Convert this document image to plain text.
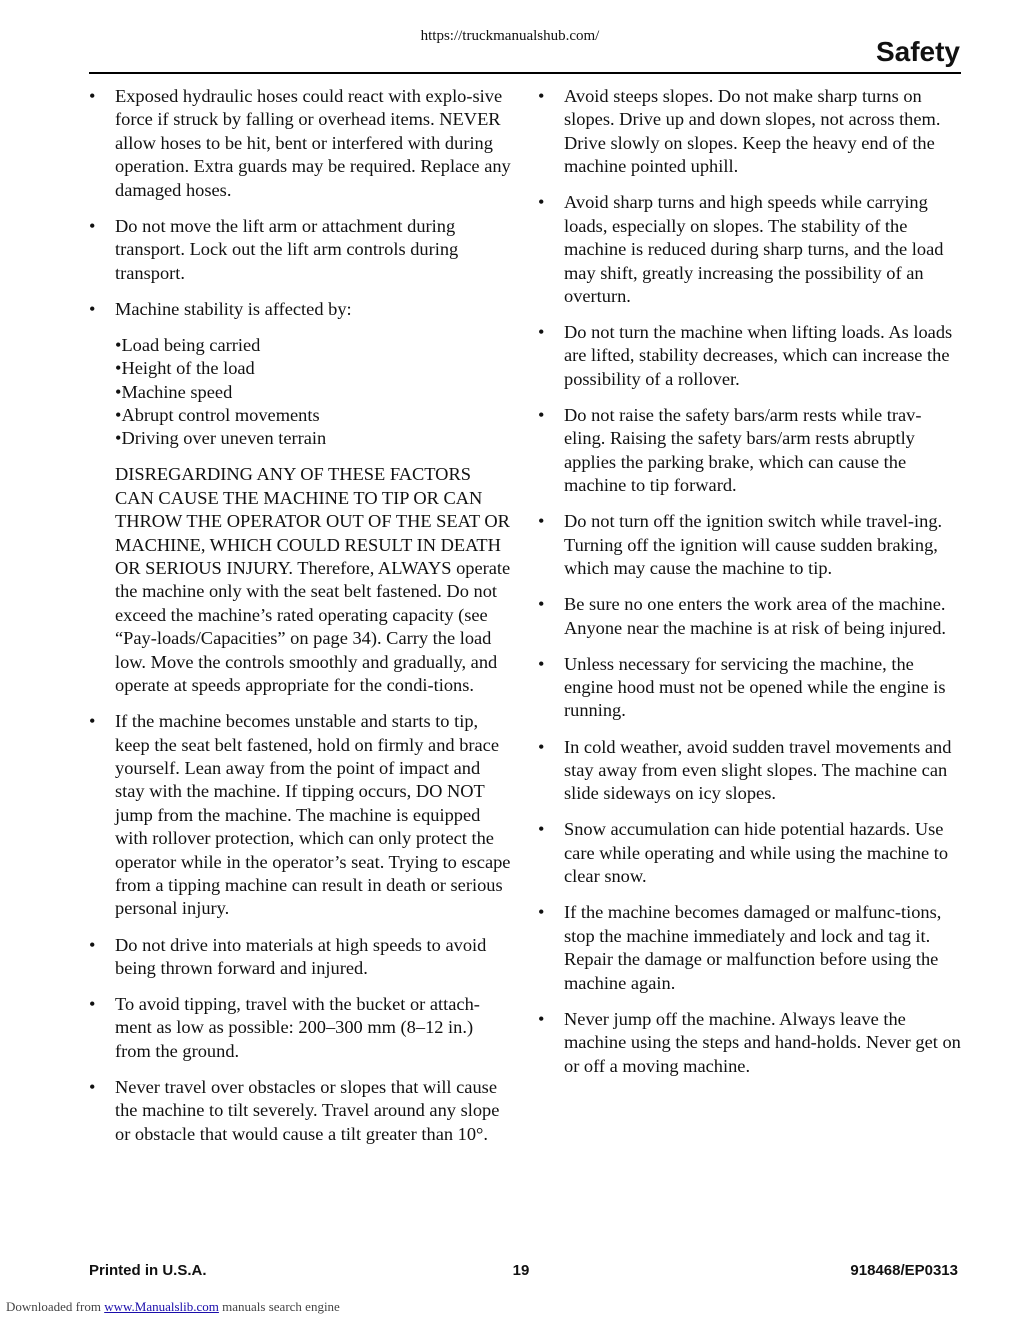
https://truckmanualshub.com/	Safety
• Exposed hydraulic hoses could react with explo-sive force if struck by falling or overhead items. NEVER allow hoses to be hit, bent or interfered with during operation. Extra guards may be required. Replace any damaged hoses.
• Do not move the lift arm or attachment during transport. Lock out the lift arm controls during transport.
• Machine stability is affected by:
• Load being carried
• Height of the load
• Machine speed
• Abrupt control movements
• Driving over uneven terrain

DISREGARDING ANY OF THESE FACTORS CAN CAUSE THE MACHINE TO TIP OR CAN THROW THE OPERATOR OUT OF THE SEAT OR MACHINE, WHICH COULD RESULT IN DEATH OR SERIOUS INJURY. Therefore, ALWAYS operate the machine only with the seat belt fastened. Do not exceed the machine’s rated operating capacity (see “Pay-loads/Capacities” on page 34). Carry the load low. Move the controls smoothly and gradually, and operate at speeds appropriate for the condi-tions.

• If the machine becomes unstable and starts to tip, keep the seat belt fastened, hold on firmly and brace yourself. Lean away from the point of impact and stay with the machine. If tipping occurs, DO NOT jump from the machine. The machine is equipped with rollover protection, which can only protect the operator while in the operator’s seat. Trying to escape from a tipping machine can result in death or serious personal injury.
• Do not drive into materials at high speeds to avoid being thrown forward and injured.
• To avoid tipping, travel with the bucket or attach-ment as low as possible: 200–300 mm (8–12 in.) from the ground.
• Never travel over obstacles or slopes that will cause the machine to tilt severely. Travel around any slope or obstacle that would cause a tilt greater than 10°.
• Avoid steeps slopes. Do not make sharp turns on slopes. Drive up and down slopes, not across them. Drive slowly on slopes. Keep the heavy end of the machine pointed uphill.
• Avoid sharp turns and high speeds while carrying loads, especially on slopes. The stability of the machine is reduced during sharp turns, and the load may shift, greatly increasing the possibility of an overturn.
• Do not turn the machine when lifting loads. As loads are lifted, stability decreases, which can increase the possibility of a rollover.
• Do not raise the safety bars/arm rests while trav-eling. Raising the safety bars/arm rests abruptly applies the parking brake, which can cause the machine to tip forward.
• Do not turn off the ignition switch while travel-ing. Turning off the ignition will cause sudden braking, which may cause the machine to tip.
• Be sure no one enters the work area of the machine. Anyone near the machine is at risk of being injured.
• Unless necessary for servicing the machine, the engine hood must not be opened while the engine is running.
• In cold weather, avoid sudden travel movements and stay away from even slight slopes. The machine can slide sideways on icy slopes.
• Snow accumulation can hide potential hazards. Use care while operating and while using the machine to clear snow.
• If the machine becomes damaged or malfunc-tions, stop the machine immediately and lock and tag it. Repair the damage or malfunction before using the machine again.
• Never jump off the machine. Always leave the machine using the steps and hand-holds. Never get on or off a moving machine.
Printed in U.S.A.	19	918468/EP0313
Downloaded from www.Manualslib.com manuals search engine
